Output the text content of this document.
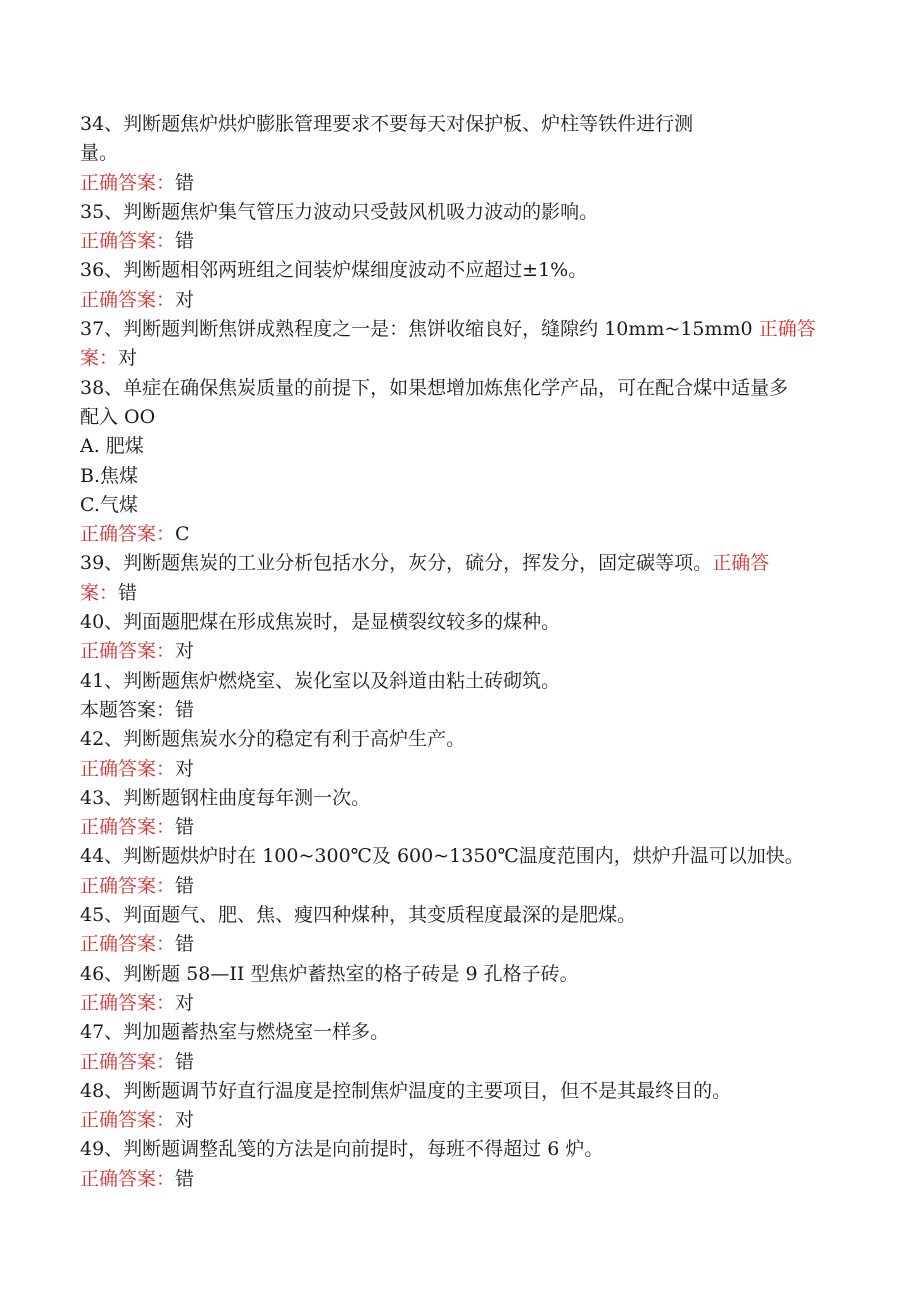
34、判断题焦炉烘炉膨胀管理要求不要每天对保护板、炉柱等铁件进行测
量。
正确答案：错
35、判断题焦炉集气管压力波动只受鼓风机吸力波动的影响。
正确答案：错
36、判断题相邻两班组之间装炉煤细度波动不应超过±1%。
正确答案：对
37、判断题判断焦饼成熟程度之一是：焦饼收缩良好，缝隙约 10mm~15mm0 正确答
案：对
38、单症在确保焦炭质量的前提下，如果想增加炼焦化学产品，可在配合煤中适量多
配入 OO
A. 肥煤
B.焦煤
C.气煤
正确答案：C
39、判断题焦炭的工业分析包括水分，灰分，硫分，挥发分，固定碳等项。正确答
案：错
40、判面题肥煤在形成焦炭时，是显横裂纹较多的煤种。
正确答案：对
41、判断题焦炉燃烧室、炭化室以及斜道由粘土砖砌筑。
本题答案：错
42、判断题焦炭水分的稳定有利于高炉生产。
正确答案：对
43、判断题钢柱曲度每年测一次。
正确答案：错
44、判断题烘炉时在 100~300℃及 600~1350℃温度范围内，烘炉升温可以加快。
正确答案：错
45、判面题气、肥、焦、瘦四种煤种，其变质程度最深的是肥煤。
正确答案：错
46、判断题 58—II 型焦炉蓄热室的格子砖是 9 孔格子砖。
正确答案：对
47、判加题蓄热室与燃烧室一样多。
正确答案：错
48、判断题调节好直行温度是控制焦炉温度的主要项目，但不是其最终目的。
正确答案：对
49、判断题调整乱笺的方法是向前提时，每班不得超过 6 炉。
正确答案：错
